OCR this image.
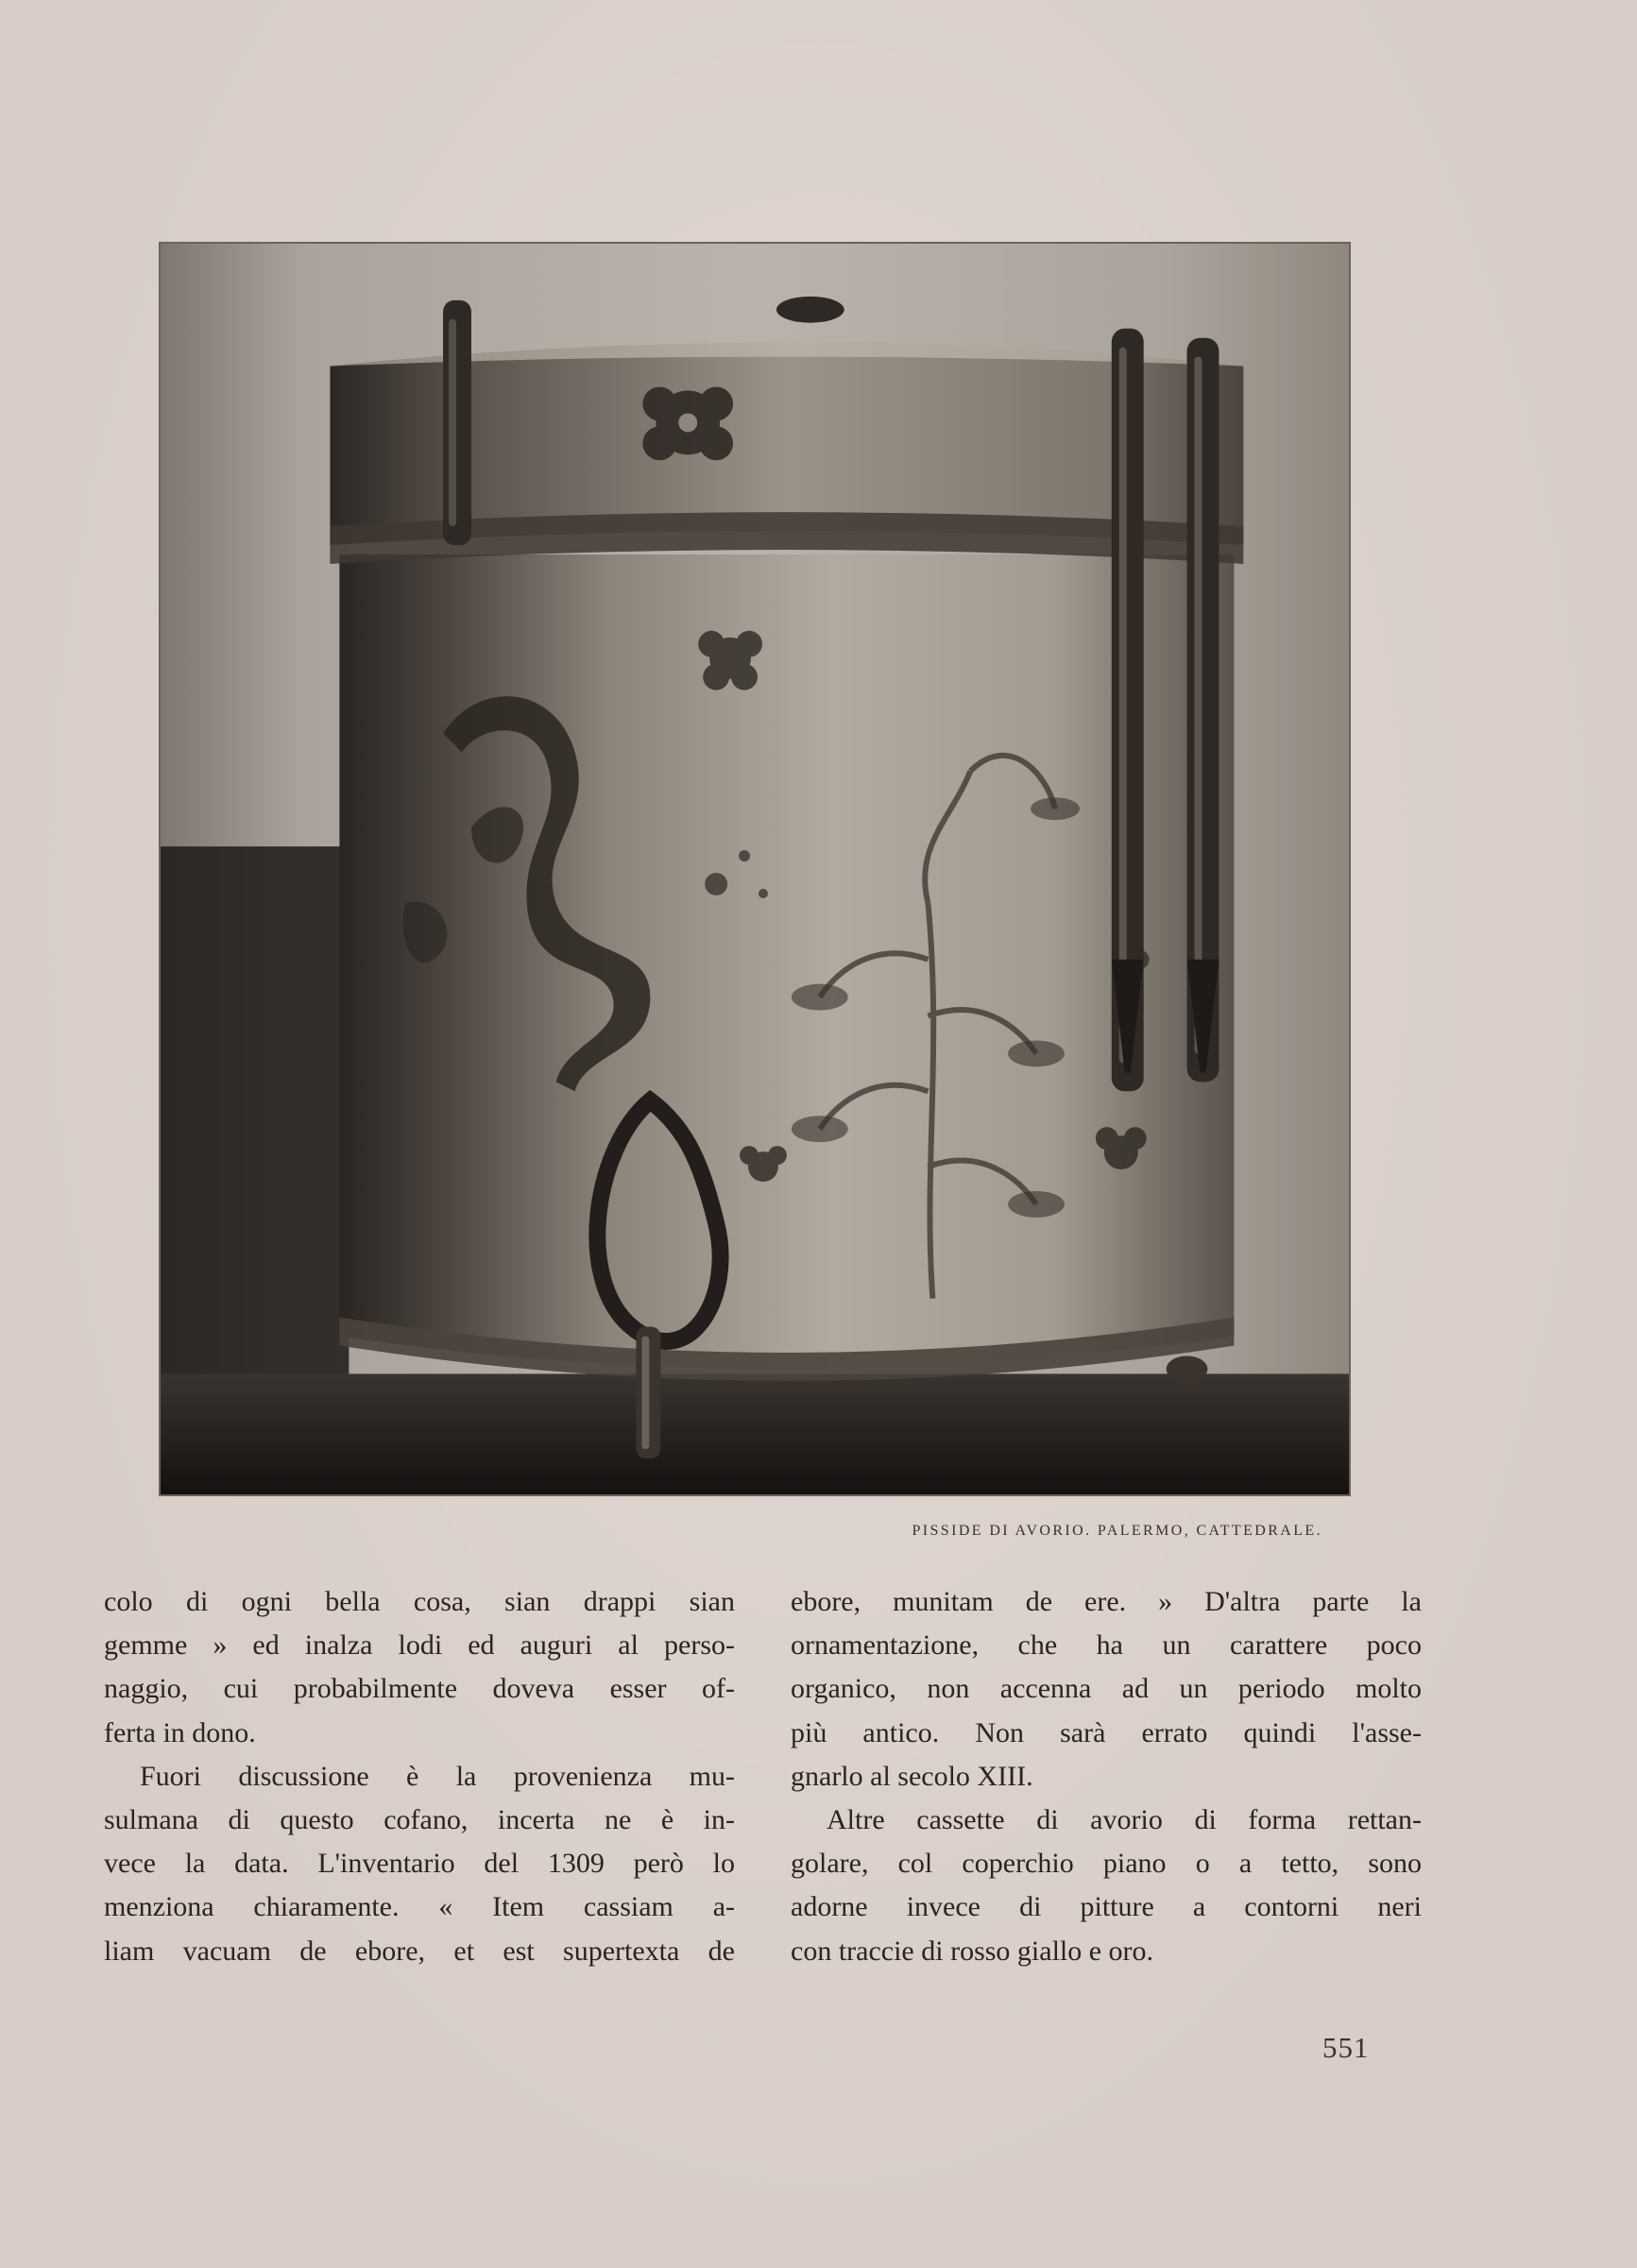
PISSIDE DI AVORIO. PALERMO, CATTEDRALE.
colo di ogni bella cosa, sian drappi sian
gemme » ed inalza lodi ed auguri al perso-
naggio, cui probabilmente doveva esser of-
ferta in dono.
Fuori discussione è la provenienza mu-
sulmana di questo cofano, incerta ne è in-
vece la data. L'inventario del 1309 però lo
menziona chiaramente. « Item cassiam a-
liam vacuam de ebore, et est supertexta de
ebore, munitam de ere. » D'altra parte la
ornamentazione, che ha un carattere poco
organico, non accenna ad un periodo molto
più antico. Non sarà errato quindi l'asse-
gnarlo al secolo XIII.
Altre cassette di avorio di forma rettan-
golare, col coperchio piano o a tetto, sono
adorne invece di pitture a contorni neri
con traccie di rosso giallo e oro.
551
